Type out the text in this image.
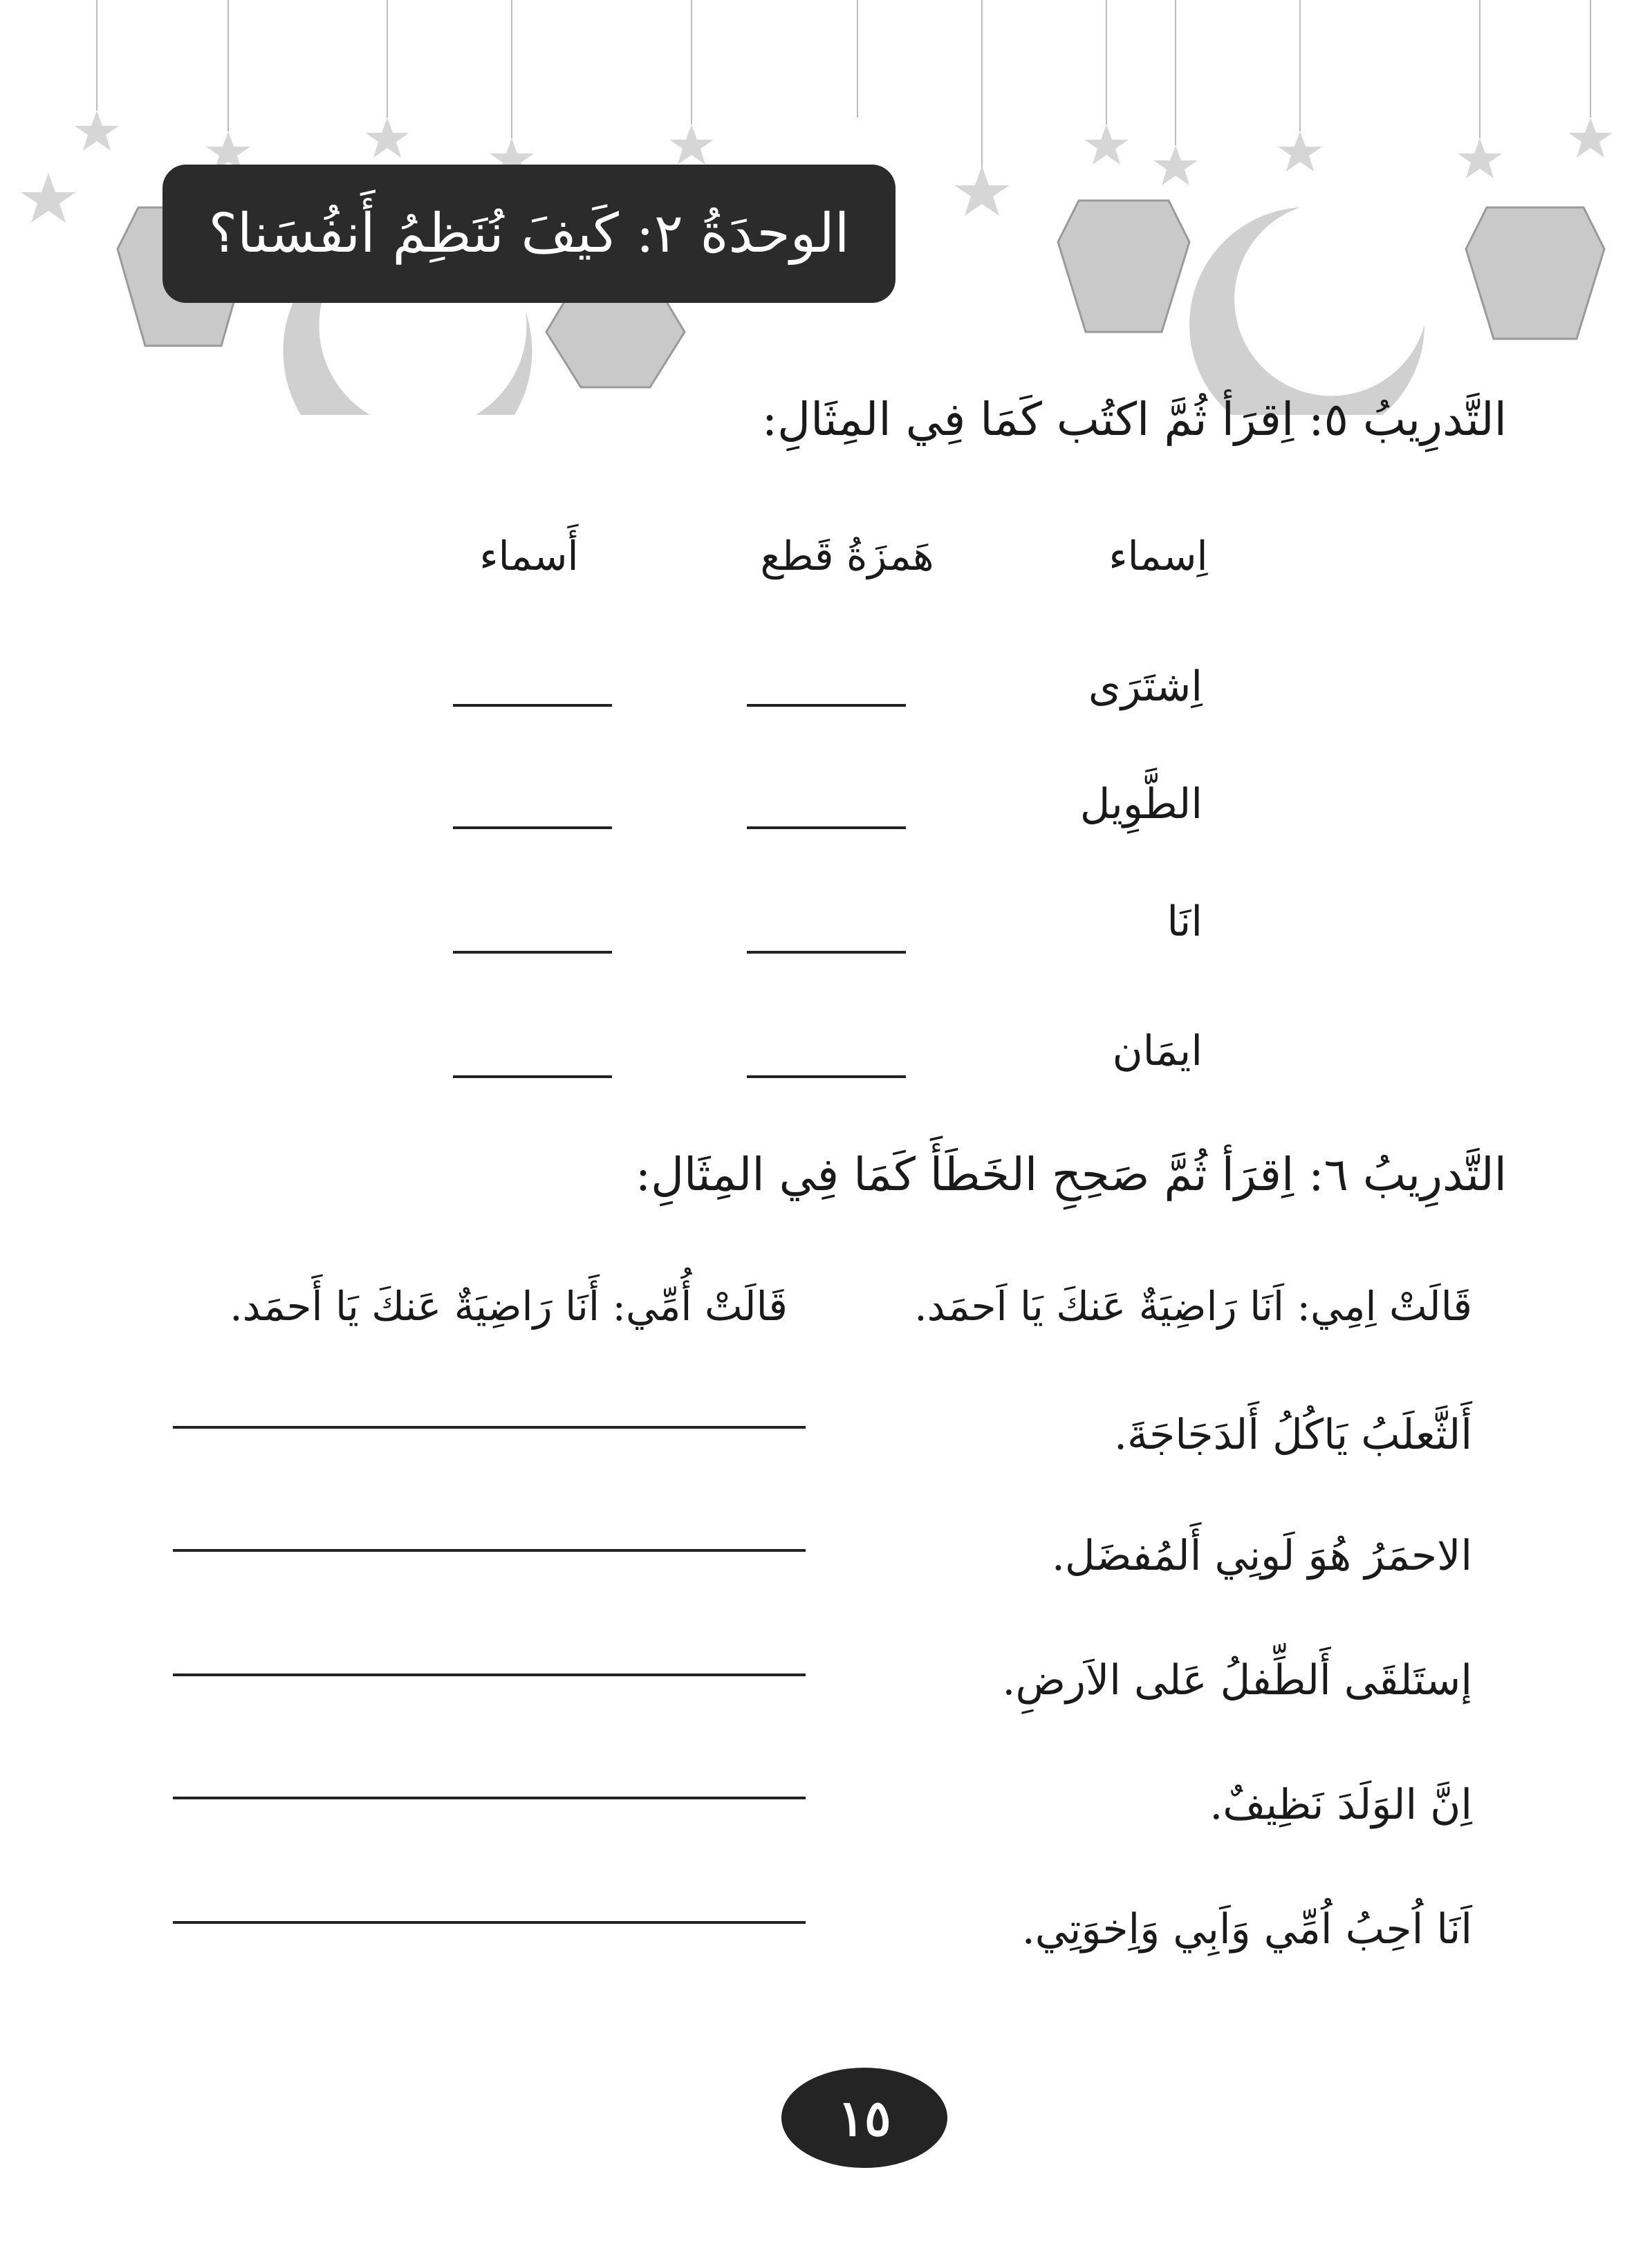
الوحدَةُ ٢: كَيفَ نُنَظِمُ أَنفُسَنا؟
التَّدرِيبُ ٥: اِقرَأ ثُمَّ اكتُب كَمَا فِي المِثَالِ:
اِسماء
هَمزَةُ قَطع
أَسماء
اِشتَرَى
الطَّوِيل
انَا
ايمَان
التَّدرِيبُ ٦: اِقرَأ ثُمَّ صَحِحِ الخَطَأَ كَمَا فِي المِثَالِ:
قَالَتْ اِمِي: اَنَا رَاضِيَةٌ عَنكَ يَا اَحمَد.
قَالَتْ أُمِّي: أَنَا رَاضِيَةٌ عَنكَ يَا أَحمَد.
أَلثَّعلَبُ يَاكُلُ أَلدَجَاجَةَ.
الاحمَرُ هُوَ لَونِي أَلمُفضَل.
إستَلقَى أَلطِّفلُ عَلى الاَرضِ.
اِنَّ الوَلَدَ نَظِيفٌ.
اَنَا اُحِبُ اُمِّي وَاَبِي وَاِخوَتِي.
١٥
